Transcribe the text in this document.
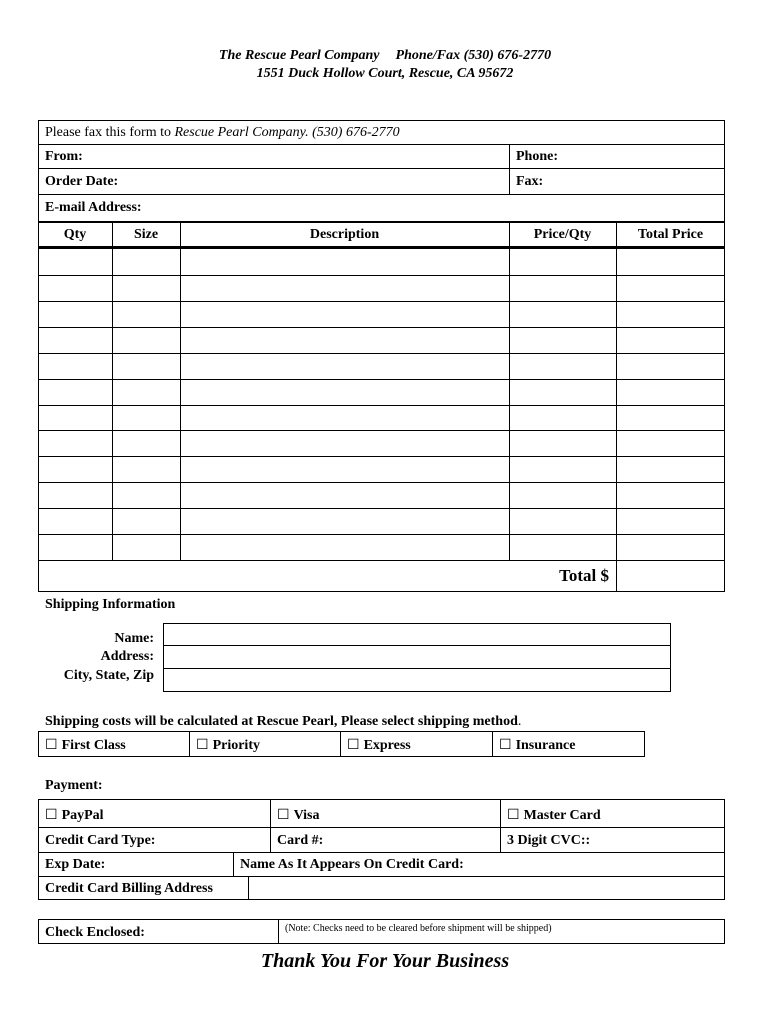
The Rescue Pearl Company Phone/Fax (530) 676-2770
1551 Duck Hollow Court, Rescue, CA 95672
Please fax this form to Rescue Pearl Company. (530) 676-2770
From:	Phone:
Order Date:	Fax:
E-mail Address:
Qty	Size	Description	Price/Qty	Total Price
Total $
Shipping Information
Name:
Address:
City, State, Zip
Shipping costs will be calculated at Rescue Pearl, Please select shipping method.
☐ First Class	☐ Priority	☐ Express	☐ Insurance
Payment:
☐ PayPal	☐ Visa	☐ Master Card
Credit Card Type:	Card #:	3 Digit CVC::
Exp Date:	Name As It Appears On Credit Card:
Credit Card Billing Address
Check Enclosed:	(Note: Checks need to be cleared before shipment will be shipped)
Thank You For Your Business
